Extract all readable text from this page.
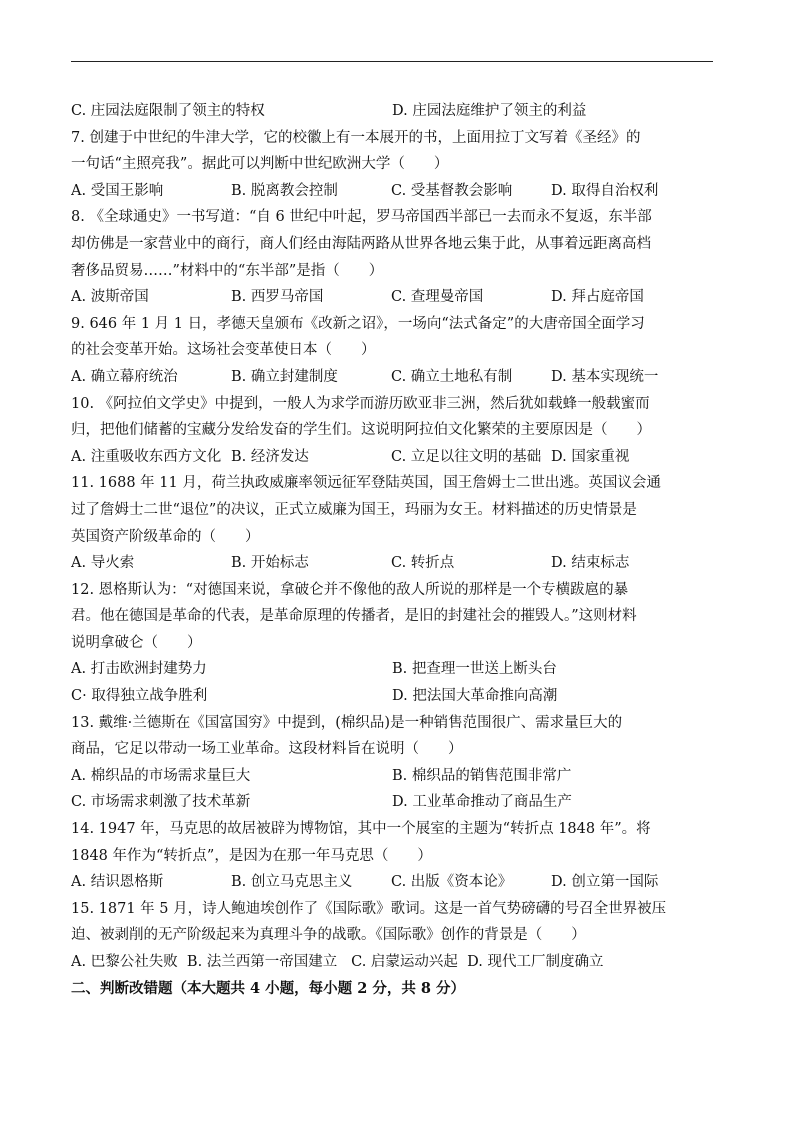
C. 庄园法庭限制了领主的特权	D. 庄园法庭维护了领主的利益
7. 创建于中世纪的牛津大学，它的校徽上有一本展开的书，上面用拉丁文写着《圣经》的
一句话“主照亮我”。据此可以判断中世纪欧洲大学（　　）
A. 受国王影响	B. 脱离教会控制	C. 受基督教会影响	D. 取得自治权利
8. 《全球通史》一书写道：“自 6 世纪中叶起，罗马帝国西半部已一去而永不复返，东半部
却仿佛是一家营业中的商行，商人们经由海陆两路从世界各地云集于此，从事着远距离高档
奢侈品贸易……”材料中的“东半部”是指（　　）
A. 波斯帝国	B. 西罗马帝国	C. 查理曼帝国	D. 拜占庭帝国
9. 646 年 1 月 1 日，孝德天皇颁布《改新之诏》，一场向“法式备定”的大唐帝国全面学习
的社会变革开始。这场社会变革使日本（　　）
A. 确立幕府统治	B. 确立封建制度	C. 确立土地私有制	D. 基本实现统一
10. 《阿拉伯文学史》中提到，一般人为求学而游历欧亚非三洲，然后犹如载蜂一般载蜜而
归，把他们储蓄的宝藏分发给发奋的学生们。这说明阿拉伯文化繁荣的主要原因是（　　）
A. 注重吸收东西方文化 B. 经济发达	C. 立足以往文明的基础 D. 国家重视
11. 1688 年 11 月，荷兰执政威廉率领远征军登陆英国，国王詹姆士二世出逃。英国议会通
过了詹姆士二世“退位”的决议，正式立威廉为国王，玛丽为女王。材料描述的历史情景是
英国资产阶级革命的（　　）
A. 导火索	B. 开始标志	C. 转折点	D. 结束标志
12. 恩格斯认为：“对德国来说，拿破仑并不像他的敌人所说的那样是一个专横跋扈的暴
君。他在德国是革命的代表，是革命原理的传播者，是旧的封建社会的摧毁人。”这则材料
说明拿破仑（　　）
A. 打击欧洲封建势力	B. 把查理一世送上断头台
C· 取得独立战争胜利	D. 把法国大革命推向高潮
13. 戴维·兰德斯在《国富国穷》中提到，(棉织品)是一种销售范围很广、需求量巨大的
商品，它足以带动一场工业革命。这段材料旨在说明（　　）
A. 棉织品的市场需求量巨大	B. 棉织品的销售范围非常广
C. 市场需求刺激了技术革新	D. 工业革命推动了商品生产
14. 1947 年，马克思的故居被辟为博物馆，其中一个展室的主题为“转折点 1848 年”。将
1848 年作为“转折点”，是因为在那一年马克思（　　）
A. 结识恩格斯	B. 创立马克思主义	C. 出版《资本论》	D. 创立第一国际
15. 1871 年 5 月，诗人鲍迪埃创作了《国际歌》歌词。这是一首气势磅礴的号召全世界被压
迫、被剥削的无产阶级起来为真理斗争的战歌。《国际歌》创作的背景是（　　）
A. 巴黎公社失败 B. 法兰西第一帝国建立 C. 启蒙运动兴起 D. 现代工厂制度确立
二、判断改错题（本大题共 4 小题，每小题 2 分，共 8 分）
